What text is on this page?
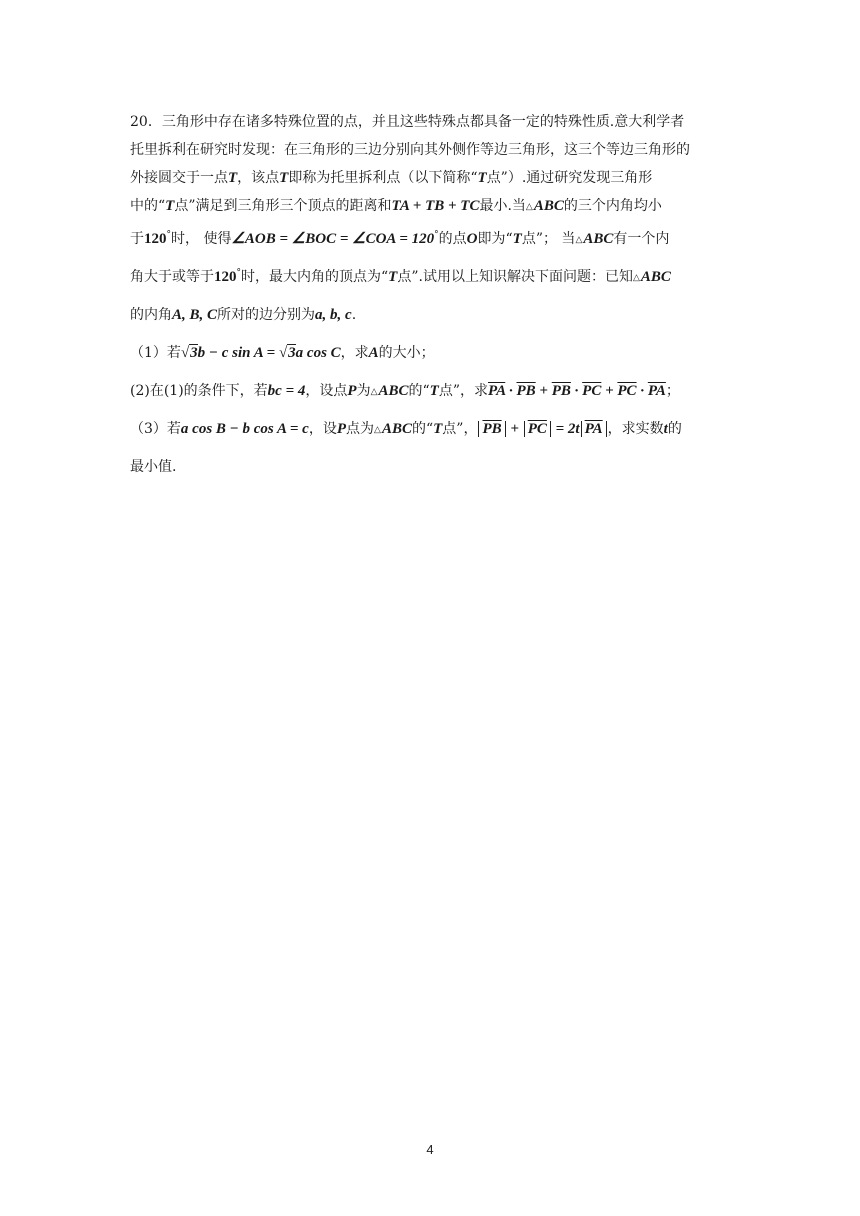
20．三角形中存在诸多特殊位置的点，并且这些特殊点都具备一定的特殊性质.意大利学者
托里拆利在研究时发现：在三角形的三边分别向其外侧作等边三角形，这三个等边三角形的
外接圆交于一点T，该点T即称为托里拆利点（以下简称“T点”）.通过研究发现三角形
中的“T点”满足到三角形三个顶点的距离和TA + TB + TC最小.当△ABC的三个内角均小
于120°时， 使得∠AOB = ∠BOC = ∠COA = 120°的点O即为“T点”； 当△ABC有一个内
角大于或等于120°时，最大内角的顶点为“T点”.试用以上知识解决下面问题：已知△ABC
的内角A, B, C所对的边分别为a, b, c.
（1）若√3b − c sin A = √3a cos C，求A的大小；
(2)在(1)的条件下，若bc = 4，设点P为△ABC的“T点”，求$\overline{PA} \cdot \overline{PB} + \overline{PB} \cdot \overline{PC} + \overline{PC} \cdot \overline{PA}$；
（3）若a cos B − b cos A = c，设P点为△ABC的“T点”， $\overline{PB} + \overline{PC} = 2t$ $\overline{PA}$ ，求实数t的
最小值.
4
